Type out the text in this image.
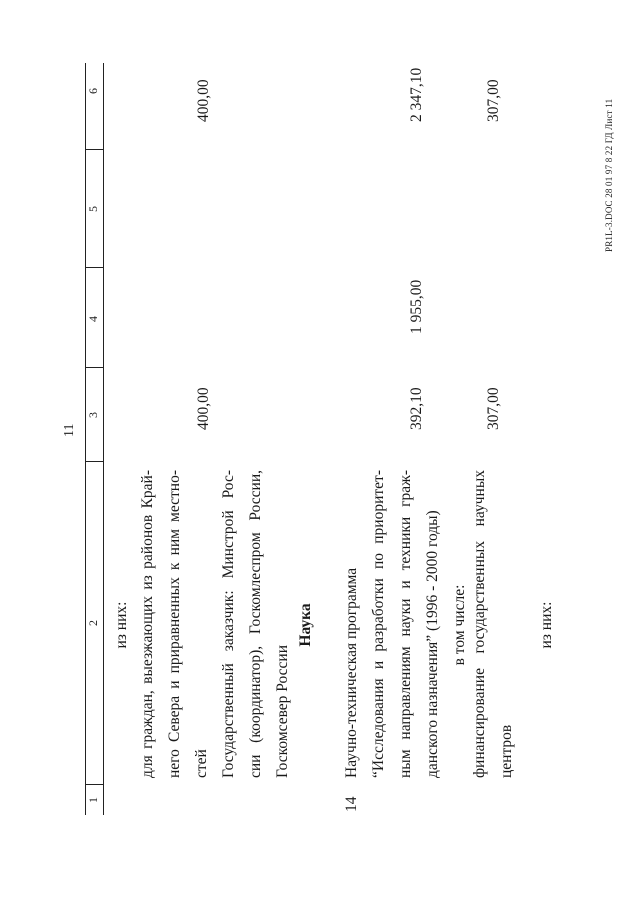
11
1
2
3
4
5
6
из них: для граждан, выезжающих из районов Край- него Севера и приравненных к ним местно- стей
400,00
400,00
Государственный заказчик: Минстрой Рос- сии (координатор), Госкомлеспром России, Госкомсевер России
Наука
14
Научно-техническая программа “Исследования и разработки по приоритет- ным направлениям науки и техники граж- данского назначения” (1996 - 2000 годы)
392,10
1 955,00
2 347,10
в том числе: финансирование государственных научных центров
307,00
307,00
из них:
PR1L-3.DOC 28 01 97 8 22 ГД Лист 11
